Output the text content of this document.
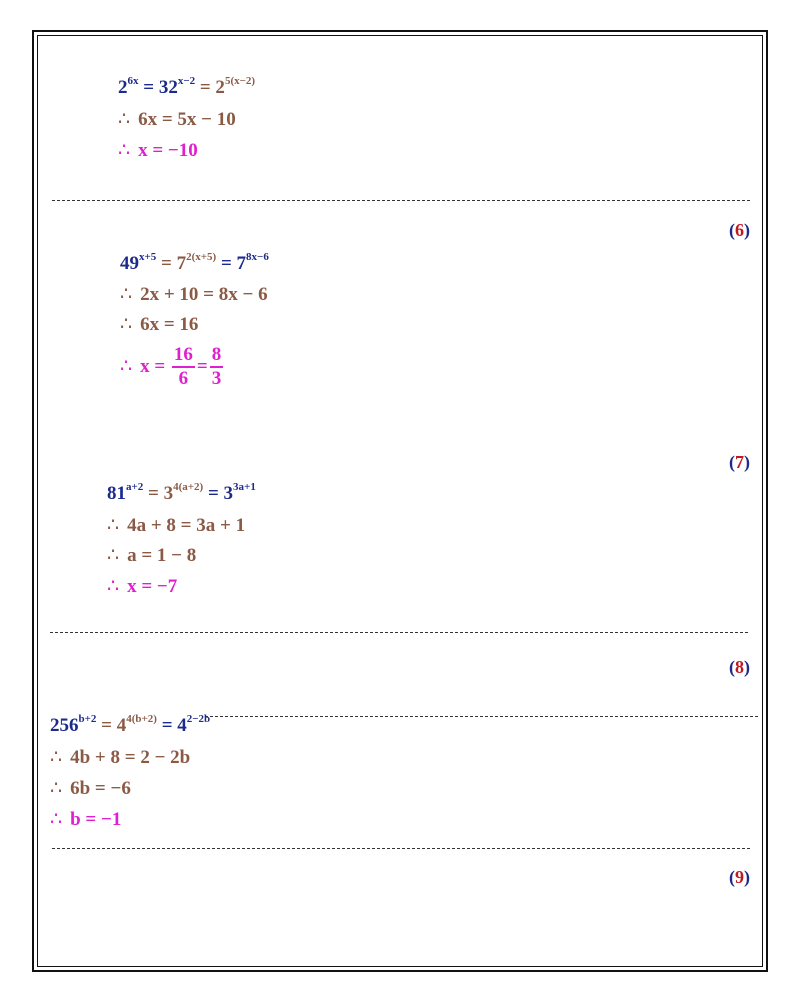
$2^{6x} = 32^{x-2} = 2^{5(x-2)}$
∴ 6x = 5x − 10
∴ x = −10
(6)
$49^{x+5} = 7^{2(x+5)} = 7^{8x-6}$
∴ 2x + 10 = 8x − 6
∴ 6x = 16
∴ $x = \frac{16}{6} = \frac{8}{3}$
(7)
$81^{a+2} = 3^{4(a+2)} = 3^{3a+1}$
∴ 4a + 8 = 3a + 1
∴ a = 1 − 8
∴ x = −7
(8)
$256^{b+2} = 4^{4(b+2)} = 4^{2-2b}$
∴ 4b + 8 = 2 − 2b
∴ 6b = −6
∴ b = −1
(9)
